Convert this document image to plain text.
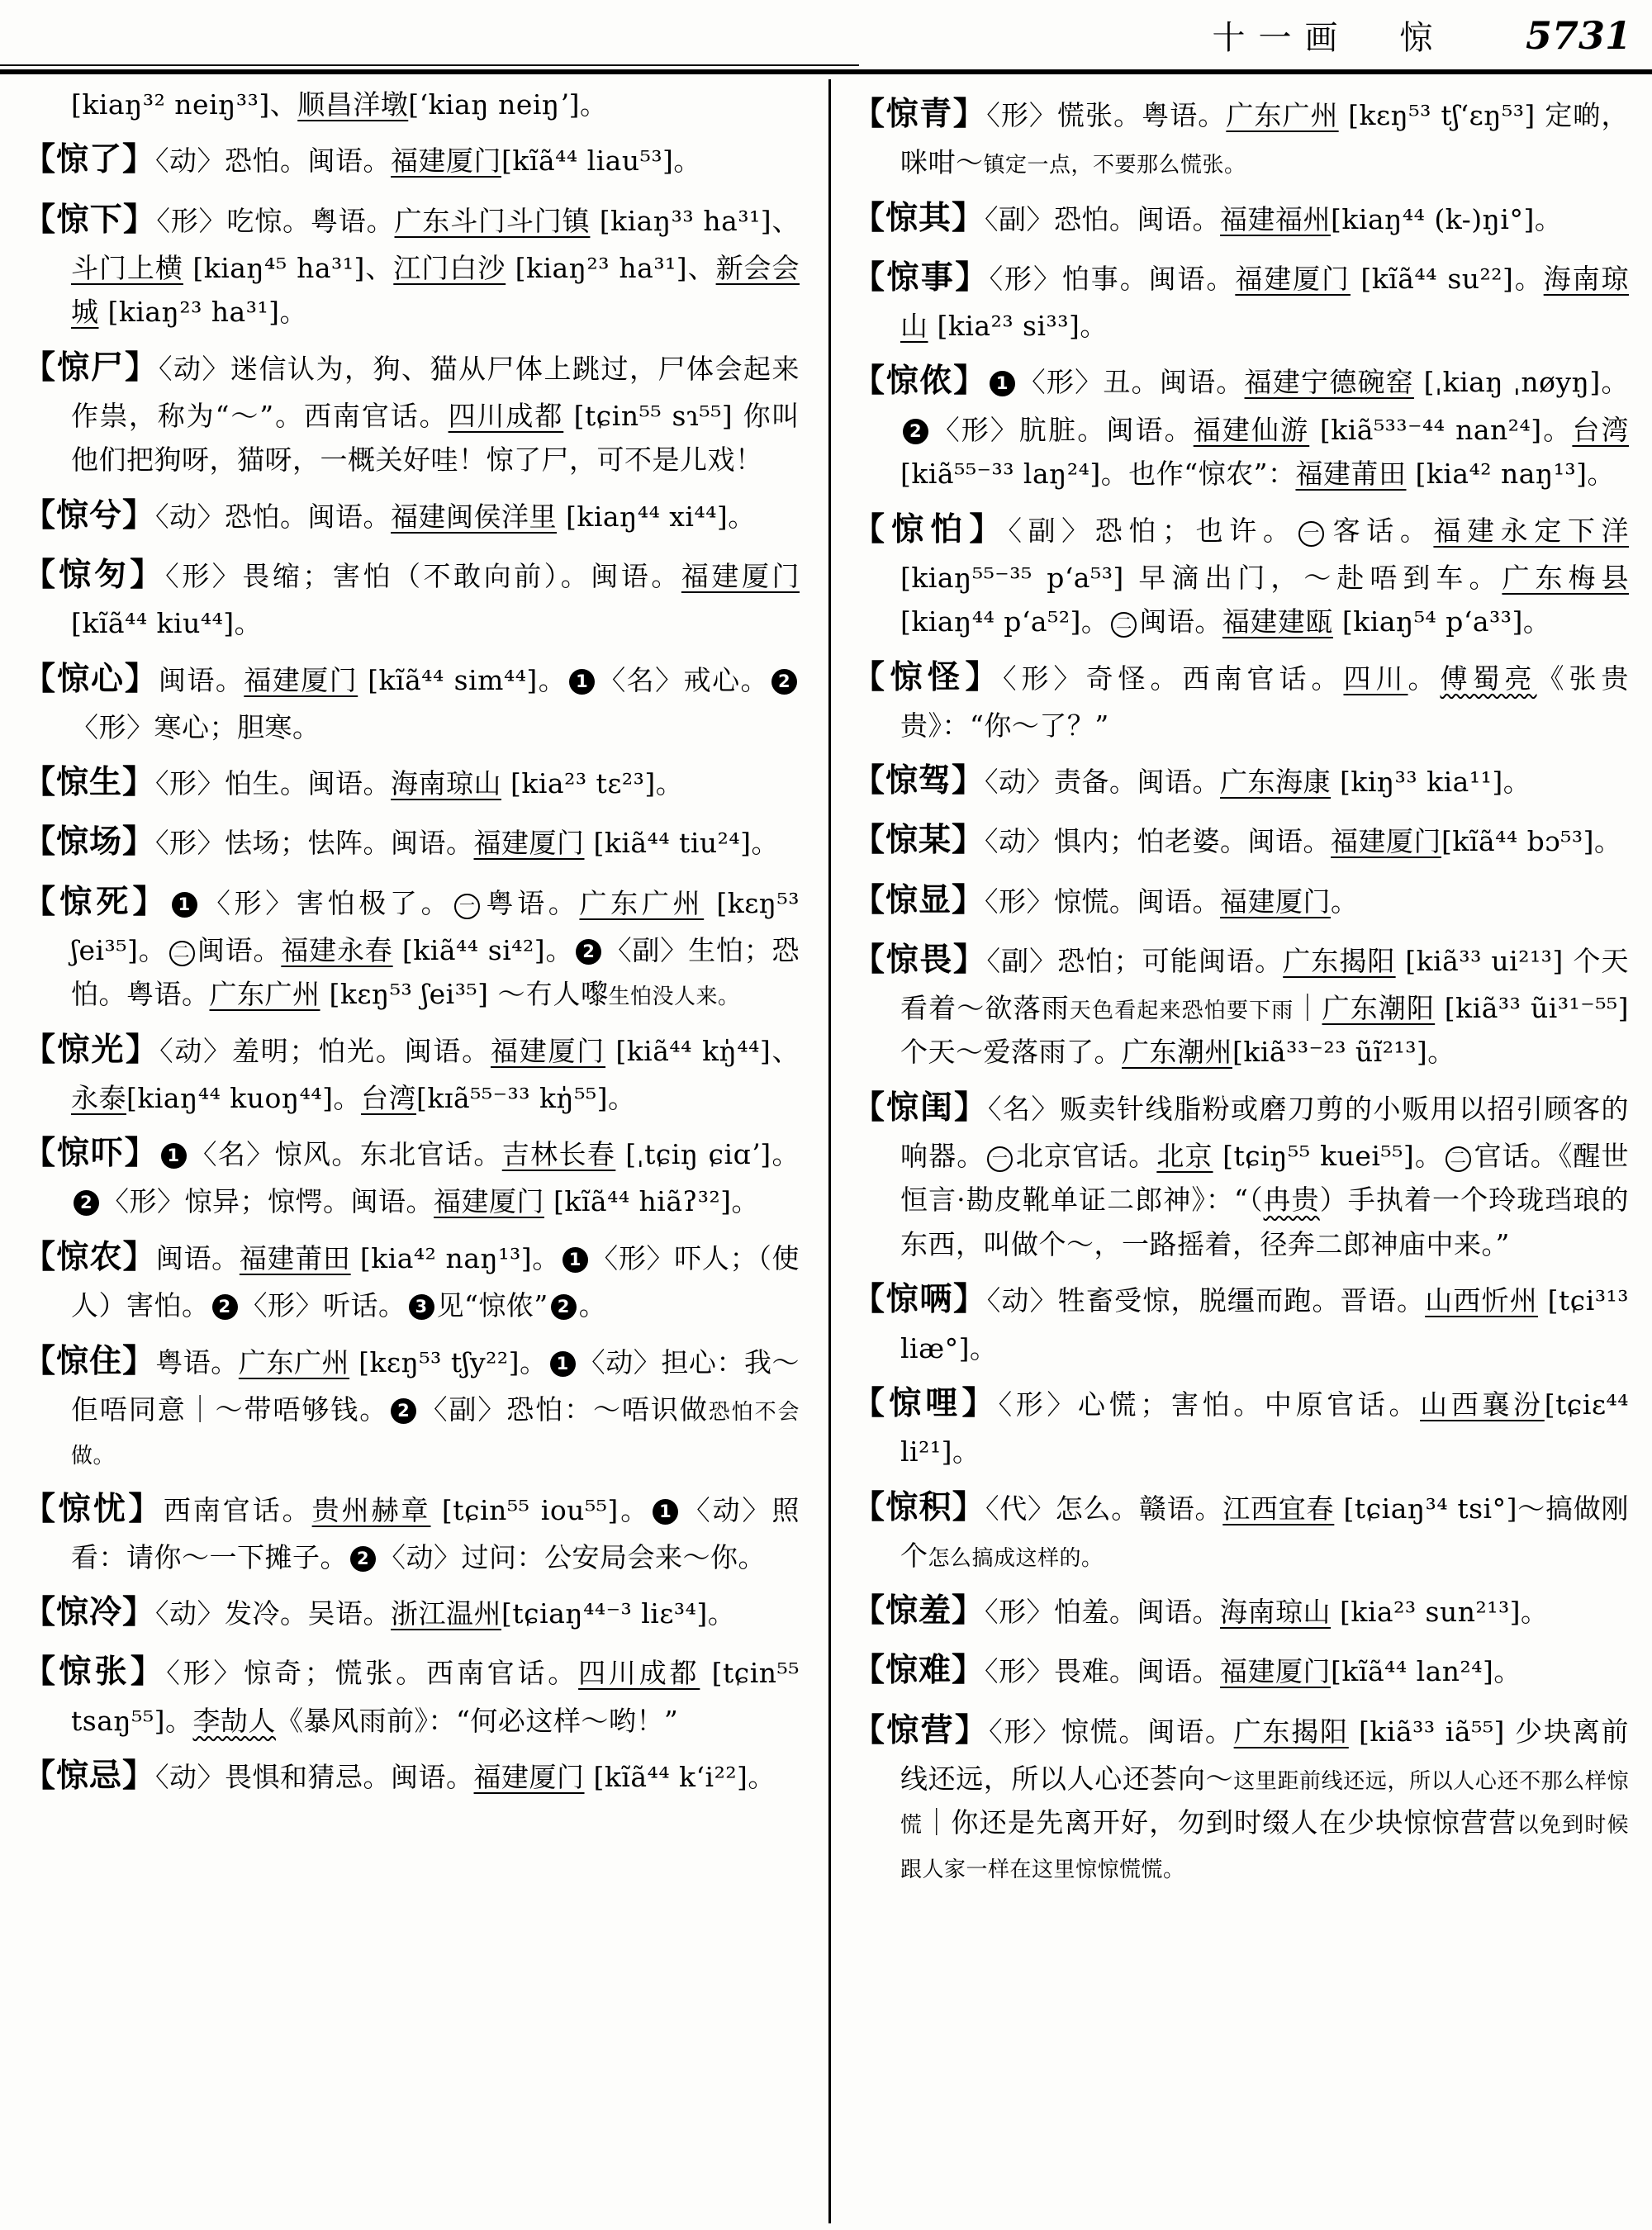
十一画 惊 5731
[kiaŋ³² neiŋ³³]、顺昌洋墩[ʻkiaŋ neiŋʼ]。
【惊了】〈动〉恐怕。闽语。福建厦门[kĩã⁴⁴ liau⁵³]。
【惊下】〈形〉吃惊。粤语。广东斗门斗门镇 [kiaŋ³³ ha³¹]、斗门上横 [kiaŋ⁴⁵ ha³¹]、江门白沙 [kiaŋ²³ ha³¹]、新会会城 [kiaŋ²³ ha³¹]。
【惊尸】〈动〉迷信认为，狗、猫从尸体上跳过，尸体会起来作祟，称为“～”。西南官话。四川成都 [tɕin⁵⁵ sɿ⁵⁵] 你叫他们把狗呀，猫呀，一概关好哇！惊了尸，可不是儿戏！
【惊兮】〈动〉恐怕。闽语。福建闽侯洋里 [kiaŋ⁴⁴ xi⁴⁴]。
【惊匇】〈形〉畏缩；害怕（不敢向前）。闽语。福建厦门 [kĩã⁴⁴ kiu⁴⁴]。
【惊心】闽语。福建厦门 [kĩã⁴⁴ sim⁴⁴]。 1 〈名〉戒心。 2〈形〉寒心；胆寒。
【惊生】〈形〉怕生。闽语。海南琼山 [kia²³ tɛ²³]。
【惊场】〈形〉怯场；怯阵。闽语。福建厦门 [kiã⁴⁴ tiu²⁴]。
【惊死】 1 〈形〉害怕极了。 一 粤语。广东广州 [kɛŋ⁵³ ʃei³⁵]。 二 闽语。福建永春 [kiã⁴⁴ si⁴²]。 2 〈副〉生怕；恐怕。粤语。广东广州 [kɛŋ⁵³ ʃei³⁵] ～冇人嚟生怕没人来。
【惊光】〈动〉羞明；怕光。闽语。福建厦门 [kiã⁴⁴ kŋ̍⁴⁴]、永泰[kiaŋ⁴⁴ kuoŋ⁴⁴]。台湾[kɪã⁵⁵⁻³³ kŋ̍⁵⁵]。
【惊吓】 1 〈名〉惊风。东北官话。吉林长春 [ˌtɕiŋ ɕiɑʼ]。2 〈形〉惊异；惊愕。闽语。福建厦门 [kĩã⁴⁴ hiãʔ³²]。
【惊农】闽语。福建莆田 [kia⁴² naŋ¹³]。 1 〈形〉吓人；（使人）害怕。 2 〈形〉听话。 3 见“惊侬” 2 。
【惊住】粤语。广东广州 [kɛŋ⁵³ tʃy²²]。 1 〈动〉担心：我～佢唔同意｜～带唔够钱。 2 〈副〉恐怕：～唔识做恐怕不会做。
【惊忧】西南官话。贵州赫章 [tɕin⁵⁵ iou⁵⁵]。 1 〈动〉照看：请你～一下摊子。 2 〈动〉过问：公安局会来～你。
【惊冷】〈动〉发冷。吴语。浙江温州[tɕiaŋ⁴⁴⁻³ liɛ³⁴]。
【惊张】〈形〉惊奇；慌张。西南官话。四川成都 [tɕin⁵⁵ tsaŋ⁵⁵]。李劼人《暴风雨前》：“何必这样～哟！”
【惊忌】〈动〉畏惧和猜忌。闽语。福建厦门 [kĩã⁴⁴ kʻi²²]。
【惊青】〈形〉慌张。粤语。广东广州 [kɛŋ⁵³ tʃʻɛŋ⁵³] 定啲，咪咁～镇定一点，不要那么慌张。
【惊其】〈副〉恐怕。闽语。福建福州[kiaŋ⁴⁴ (k-)ŋi°]。
【惊事】〈形〉怕事。闽语。福建厦门 [kĩã⁴⁴ su²²]。海南琼山 [kia²³ si³³]。
【惊侬】 1 〈形〉丑。闽语。福建宁德碗窑 [ˌkiaŋ ˌnøyŋ]。2 〈形〉肮脏。闽语。福建仙游 [kiã⁵³³⁻⁴⁴ nan²⁴]。台湾 [kiã⁵⁵⁻³³ laŋ²⁴]。也作“惊农”：福建莆田 [kia⁴² naŋ¹³]。
【惊怕】〈副〉恐怕；也许。 一 客话。福建永定下洋 [kiaŋ⁵⁵⁻³⁵ pʻa⁵³] 早滴出门，～赴唔到车。广东梅县 [kiaŋ⁴⁴ pʻa⁵²]。 二 闽语。福建建瓯 [kiaŋ⁵⁴ pʻa³³]。
【惊怪】〈形〉奇怪。西南官话。四川。傅蜀亮《张贵贵》：“你～了？”
【惊驾】〈动〉责备。闽语。广东海康 [kiŋ³³ kia¹¹]。
【惊某】〈动〉惧内；怕老婆。闽语。福建厦门[kĩã⁴⁴ bɔ⁵³]。
【惊显】〈形〉惊慌。闽语。福建厦门。
【惊畏】〈副〉恐怕；可能闽语。广东揭阳 [kiã³³ ui²¹³] 个天看着～欲落雨天色看起来恐怕要下雨｜广东潮阳 [kiã³³ ũi³¹⁻⁵⁵] 个天～爱落雨了。广东潮州[kiã³³⁻²³ ũĩ²¹³]。
【惊闺】〈名〉贩卖针线脂粉或磨刀剪的小贩用以招引顾客的响器。 一 北京官话。北京 [tɕiŋ⁵⁵ kuei⁵⁵]。 二 官话。《醒世恒言·勘皮靴单证二郎神》：“（冉贵）手执着一个玲珑珰琅的东西，叫做个～，一路摇着，径奔二郎神庙中来。”
【惊唡】〈动〉牲畜受惊，脱缰而跑。晋语。山西忻州 [tɕi³¹³ liæ°]。
【惊哩】〈形〉心慌；害怕。中原官话。山西襄汾[tɕiɛ⁴⁴ li²¹]。
【惊积】〈代〉怎么。赣语。江西宜春 [tɕiaŋ³⁴ tsi°]～搞做刚个怎么搞成这样的。
【惊羞】〈形〉怕羞。闽语。海南琼山 [kia²³ sun²¹³]。
【惊难】〈形〉畏难。闽语。福建厦门[kĩã⁴⁴ lan²⁴]。
【惊营】〈形〉惊慌。闽语。广东揭阳 [kiã³³ iã⁵⁵] 少块离前线还远，所以人心还荟向～这里距前线还远，所以人心还不那么样惊慌｜你还是先离开好，勿到时缀人在少块惊惊营营以免到时候跟人家一样在这里惊惊慌慌。
